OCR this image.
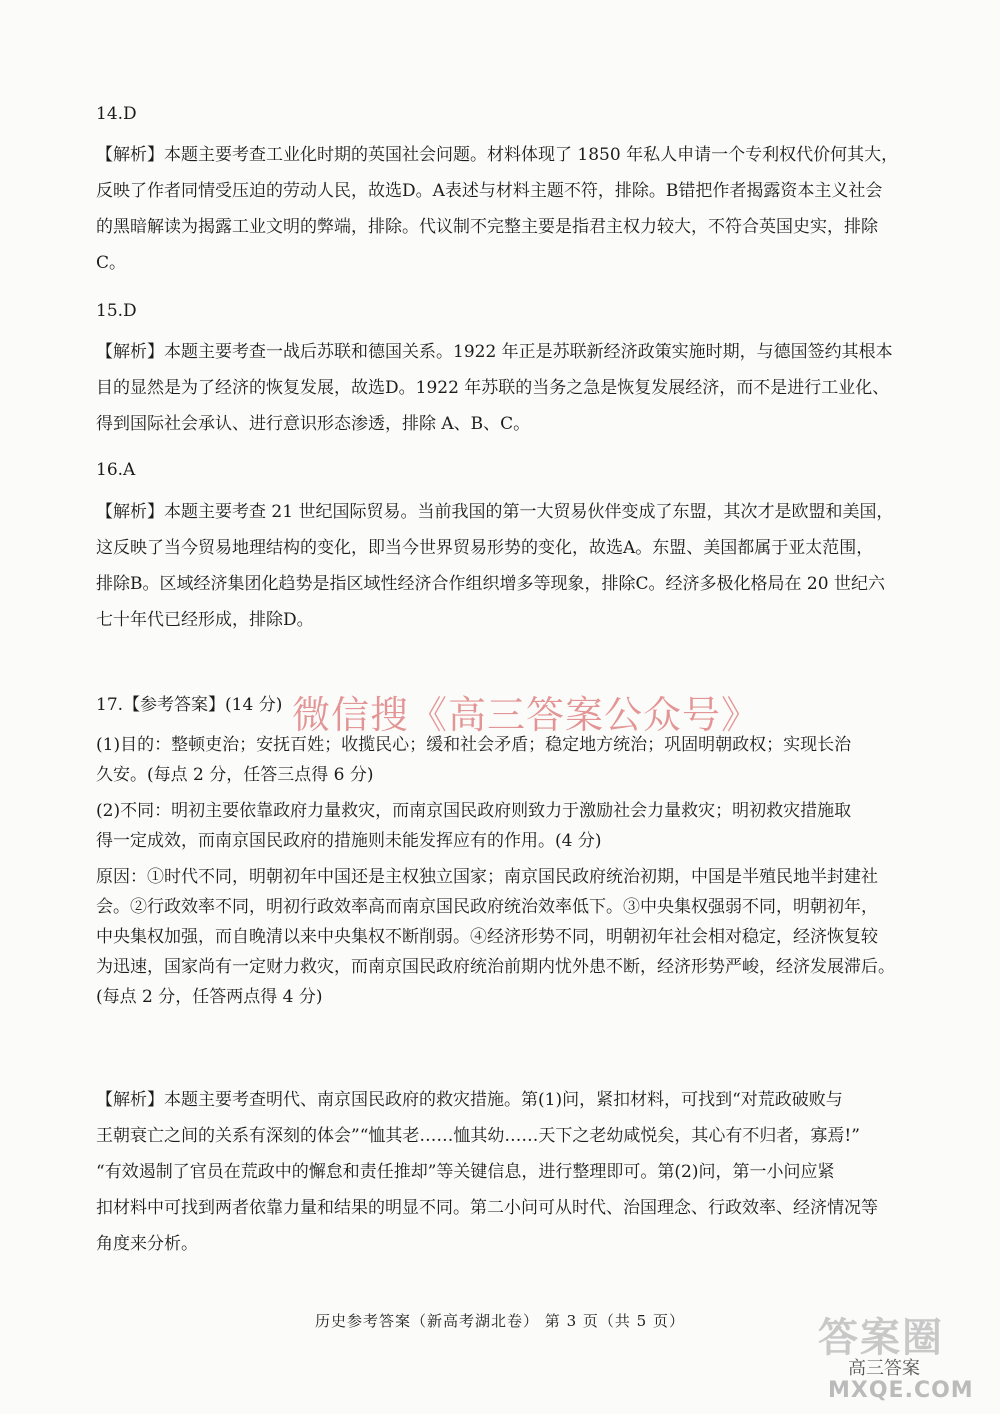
14.D
【解析】本题主要考查工业化时期的英国社会问题。材料体现了 1850 年私人申请一个专利权代价何其大，
反映了作者同情受压迫的劳动人民，故选D。A表述与材料主题不符，排除。B错把作者揭露资本主义社会
的黑暗解读为揭露工业文明的弊端，排除。代议制不完整主要是指君主权力较大，不符合英国史实，排除
C。
15.D
【解析】本题主要考查一战后苏联和德国关系。1922 年正是苏联新经济政策实施时期，与德国签约其根本
目的显然是为了经济的恢复发展，故选D。1922 年苏联的当务之急是恢复发展经济，而不是进行工业化、
得到国际社会承认、进行意识形态渗透，排除 A、B、C。
16.A
【解析】本题主要考查 21 世纪国际贸易。当前我国的第一大贸易伙伴变成了东盟，其次才是欧盟和美国，
这反映了当今贸易地理结构的变化，即当今世界贸易形势的变化，故选A。东盟、美国都属于亚太范围，
排除B。区域经济集团化趋势是指区域性经济合作组织增多等现象，排除C。经济多极化格局在 20 世纪六
七十年代已经形成，排除D。
17.【参考答案】(14 分) 微信搜《高三答案公众号》
(1)目的：整顿吏治；安抚百姓；收揽民心；缓和社会矛盾；稳定地方统治；巩固明朝政权；实现长治
久安。(每点 2 分，任答三点得 6 分)
(2)不同：明初主要依靠政府力量救灾，而南京国民政府则致力于激励社会力量救灾；明初救灾措施取
得一定成效，而南京国民政府的措施则未能发挥应有的作用。(4 分)
原因：①时代不同，明朝初年中国还是主权独立国家；南京国民政府统治初期，中国是半殖民地半封建社
会。②行政效率不同，明初行政效率高而南京国民政府统治效率低下。③中央集权强弱不同，明朝初年，
中央集权加强，而自晚清以来中央集权不断削弱。④经济形势不同，明朝初年社会相对稳定，经济恢复较
为迅速，国家尚有一定财力救灾，而南京国民政府统治前期内忧外患不断，经济形势严峻，经济发展滞后。
(每点 2 分，任答两点得 4 分)
【解析】本题主要考查明代、南京国民政府的救灾措施。第(1)问，紧扣材料，可找到“对荒政破败与
王朝衰亡之间的关系有深刻的体会”“恤其老……恤其幼……天下之老幼咸悦矣，其心有不归者，寡焉!”
“有效遏制了官员在荒政中的懈怠和责任推却”等关键信息，进行整理即可。第(2)问，第一小问应紧
扣材料中可找到两者依靠力量和结果的明显不同。第二小问可从时代、治国理念、行政效率、经济情况等
角度来分析。
历史参考答案（新高考湖北卷） 第 3 页（共 5 页）	答案圈
高三答案
MXQE.COM
